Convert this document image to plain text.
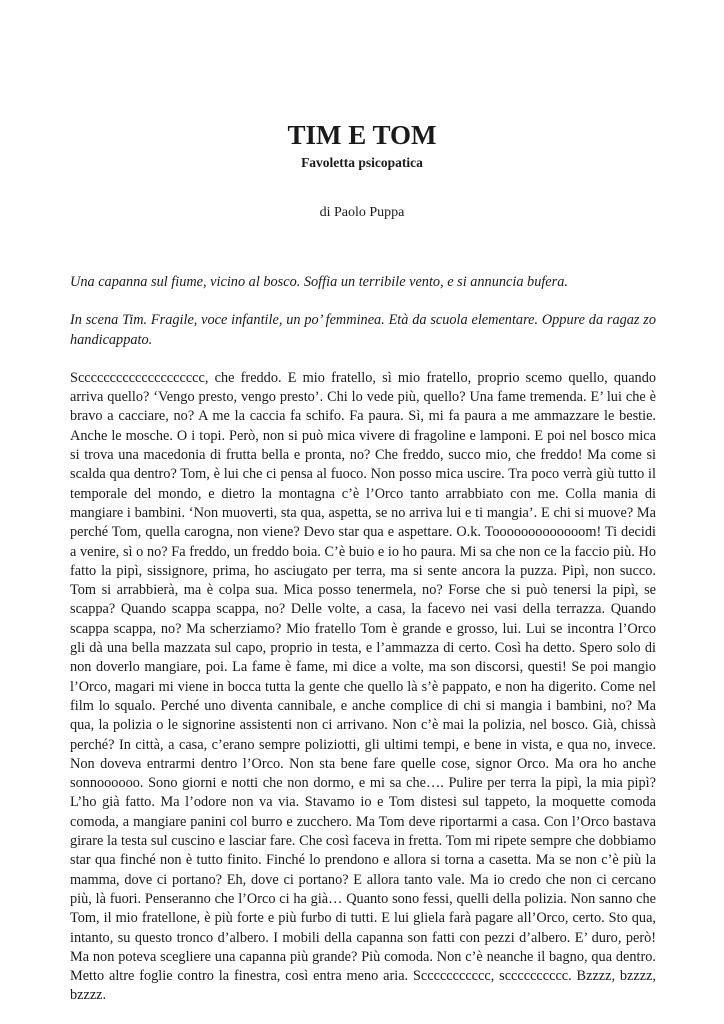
TIM E TOM
Favoletta psicopatica
di Paolo Puppa

Una capanna sul fiume, vicino al bosco. Soffia un terribile vento, e si annuncia bufera.

In scena Tim. Fragile, voce infantile, un po’ femminea. Età da scuola elementare. Oppure da ragaz zo handicappato.

Scccccccccccccccccccc, che freddo. E mio fratello, sì mio fratello, proprio scemo quello, quando arriva quello? ‘Vengo presto, vengo presto’. Chi lo vede più, quello? Una fame tremenda. E’ lui che è bravo a cacciare, no? A me la caccia fa schifo. Fa paura. Sì, mi fa paura a me ammazzare le bestie. Anche le mosche. O i topi. Però, non si può mica vivere di fragoline e lamponi. E poi nel bosco mica si trova una macedonia di frutta bella e pronta, no? Che freddo, succo mio, che freddo! Ma come si scalda qua dentro? Tom, è lui che ci pensa al fuoco. Non posso mica uscire. Tra poco verrà giù tutto il temporale del mondo, e dietro la montagna c’è l’Orco tanto arrabbiato con me. Colla mania di mangiare i bambini. ‘Non muoverti, sta qua, aspetta, se no arriva lui e ti mangia’. E chi si muove? Ma perché Tom, quella carogna, non viene? Devo star qua e aspettare. O.k. Tooooooooooooom! Ti decidi a venire, sì o no? Fa freddo, un freddo boia. C’è buio e io ho paura. Mi sa che non ce la faccio più. Ho fatto la pipì, sissignore, prima, ho asciugato per terra, ma si sente ancora la puzza. Pipì, non succo. Tom si arrabbierà, ma è colpa sua. Mica posso tenermela, no? Forse che si può tenersi la pipì, se scappa? Quando scappa scappa, no? Delle volte, a casa, la facevo nei vasi della terrazza. Quando scappa scappa, no? Ma scherziamo? Mio fratello Tom è grande e grosso, lui. Lui se incontra l’Orco gli dà una bella mazzata sul capo, proprio in testa, e l’ammazza di certo. Così ha detto. Spero solo di non doverlo mangiare, poi. La fame è fame, mi dice a volte, ma son discorsi, questi! Se poi mangio l’Orco, magari mi viene in bocca tutta la gente che quello là s’è pappato, e non ha digerito. Come nel film lo squalo. Perché uno diventa cannibale, e anche complice di chi si mangia i bambini, no? Ma qua, la polizia o le signorine assistenti non ci arrivano. Non c’è mai la polizia, nel bosco. Già, chissà perché? In città, a casa, c’erano sempre poliziotti, gli ultimi tempi, e bene in vista, e qua no, invece. Non doveva entrarmi dentro l’Orco. Non sta bene fare quelle cose, signor Orco. Ma ora ho anche sonnoooooo. Sono giorni e notti che non dormo, e mi sa che…. Pulire per terra la pipì, la mia pipì? L’ho già fatto. Ma l’odore non va via. Stavamo io e Tom distesi sul tappeto, la moquette comoda comoda, a mangiare panini col burro e zucchero. Ma Tom deve riportarmi a casa. Con l’Orco bastava girare la testa sul cuscino e lasciar fare. Che così faceva in fretta. Tom mi ripete sempre che dobbiamo star qua finché non è tutto finito. Finché lo prendono e allora si torna a casetta. Ma se non c’è più la mamma, dove ci portano? Eh, dove ci portano? E allora tanto vale. Ma io credo che non ci cercano più, là fuori. Penseranno che l’Orco ci ha già… Quanto sono fessi, quelli della polizia. Non sanno che Tom, il mio fratellone, è più forte e più furbo di tutti. E lui gliela farà pagare all’Orco, certo. Sto qua, intanto, su questo tronco d’albero. I mobili della capanna son fatti con pezzi d’albero. E’ duro, però! Ma non poteva scegliere una capanna più grande? Più comoda. Non c’è neanche il bagno, qua dentro. Metto altre foglie contro la finestra, così entra meno aria. Sccccccccccc, scccccccccc. Bzzzz, bzzzz, bzzzz.
